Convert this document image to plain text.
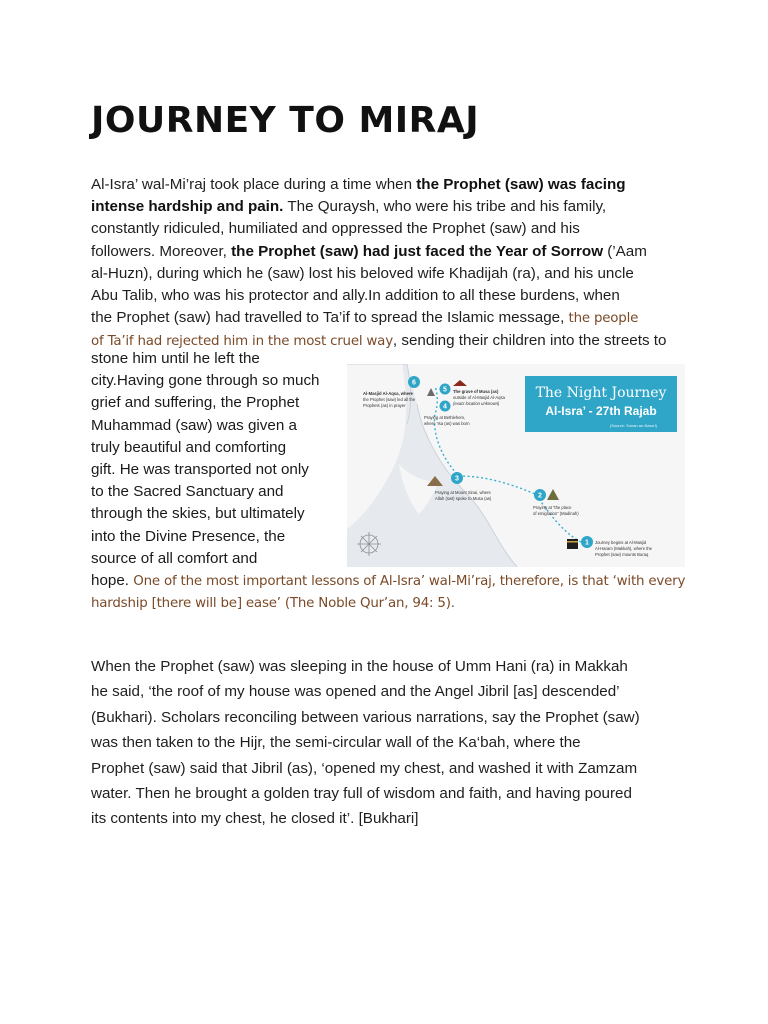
JOURNEY TO MIRAJ
Al-Isra’ wal-Mi’raj took place during a time when the Prophet (saw) was facing
intense hardship and pain. The Quraysh, who were his tribe and his family,
constantly ridiculed, humiliated and oppressed the Prophet (saw) and his
followers. Moreover, the Prophet (saw) had just faced the Year of Sorrow (’Aam
al-Huzn), during which he (saw) lost his beloved wife Khadijah (ra), and his uncle
Abu Talib, who was his protector and ally.In addition to all these burdens, when
the Prophet (saw) had travelled to Ta’if to spread the Islamic message, the people
of Ta’if had rejected him in the most cruel way, sending their children into the streets to
stone him until he left the
city.Having gone through so much
grief and suffering, the Prophet
Muhammad (saw) was given a
truly beautiful and comforting
gift. He was transported not only
to the Sacred Sanctuary and
through the skies, but ultimately
into the Divine Presence, the
source of all comfort and
hope. One of the most important lessons of Al-Isra’ wal-Mi’raj, therefore, is that ‘with every
hardship [there will be] ease’ (The Noble Qur’an, 94: 5).
The Night Journey
Al-Isra’ - 27th Rajab
(Source: Sunan an-Nasa’i)
6
Al-Masjid Al-Aqsa, where
the Prophet (saw) led all the
Prophets (as) in prayer
5 The grave of Musa (as)
outside of Al-Masjid Al-Aqsa
(exact location unknown)
4
Praying at Bethlehem,
where ‘Isa (as) was born
3
Praying at Mount Sinai, where
Allah (swt) spoke to Musa (as)	2
Praying at “the place
of emigration” (Madinah)
1 Journey begins at Al-Masjid
Al-Haram (Makkah), where the
Prophet (saw) mounts Buraq
When the Prophet (saw) was sleeping in the house of Umm Hani (ra) in Makkah
he said, ‘the roof of my house was opened and the Angel Jibril [as] descended’
(Bukhari). Scholars reconciling between various narrations, say the Prophet (saw)
was then taken to the Hijr, the semi-circular wall of the Ka‘bah, where the
Prophet (saw) said that Jibril (as), ‘opened my chest, and washed it with Zamzam
water. Then he brought a golden tray full of wisdom and faith, and having poured
its contents into my chest, he closed it’. [Bukhari]
